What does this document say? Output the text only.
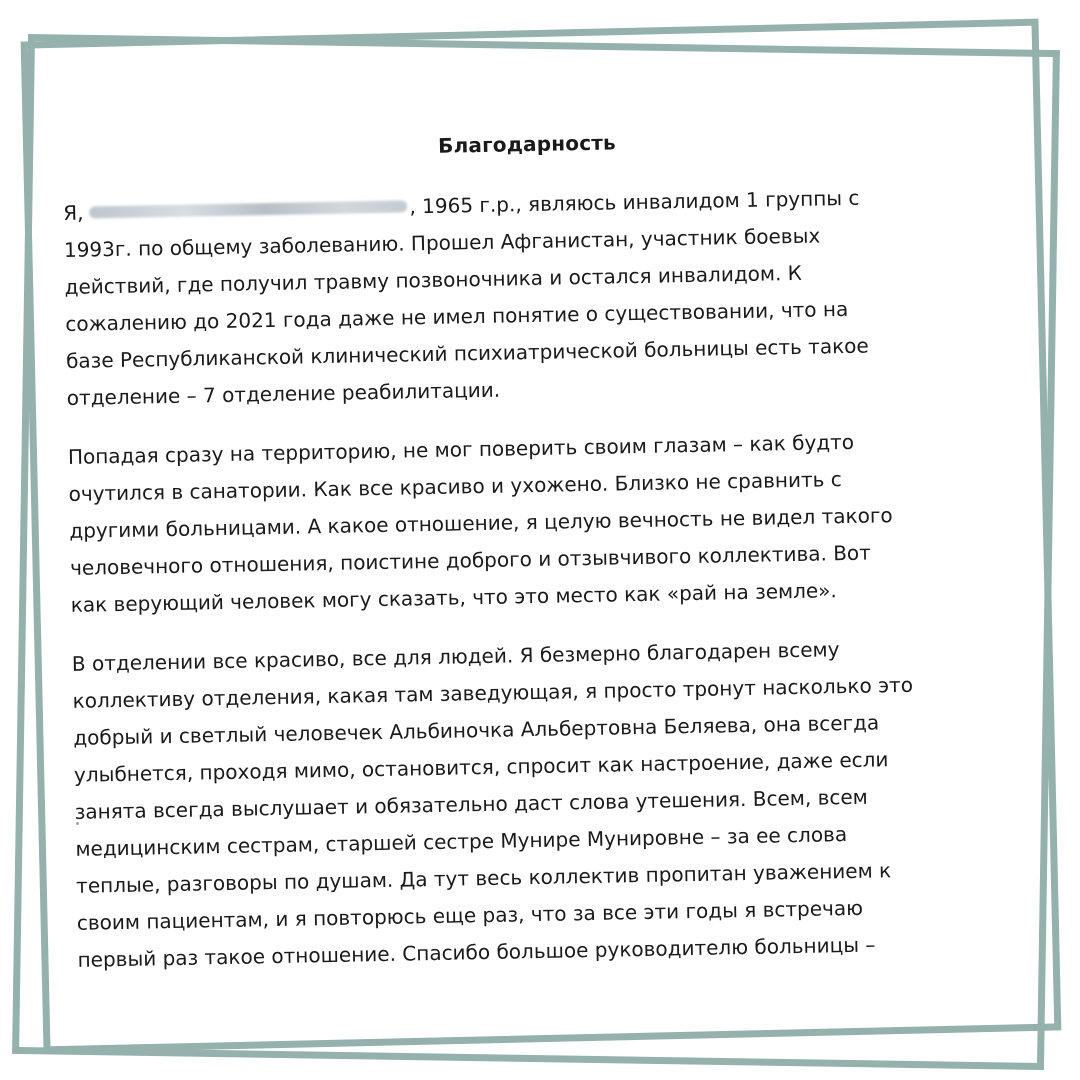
Благодарность
Я,	, 1965 г.р., являюсь инвалидом 1 группы с
1993г. по общему заболеванию. Прошел Афганистан, участник боевых
действий, где получил травму позвоночника и остался инвалидом. К
сожалению до 2021 года даже не имел понятие о существовании, что на
базе Республиканской клинический психиатрической больницы есть такое
отделение – 7 отделение реабилитации.
Попадая сразу на территорию, не мог поверить своим глазам – как будто
очутился в санатории. Как все красиво и ухожено. Близко не сравнить с
другими больницами. А какое отношение, я целую вечность не видел такого
человечного отношения, поистине доброго и отзывчивого коллектива. Вот
как верующий человек могу сказать, что это место как «рай на земле».
В отделении все красиво, все для людей. Я безмерно благодарен всему
коллективу отделения, какая там заведующая, я просто тронут насколько это
добрый и светлый человечек Альбиночка Альбертовна Беляева, она всегда
улыбнется, проходя мимо, остановится, спросит как настроение, даже если
занята всегда выслушает и обязательно даст слова утешения. Всем, всем
медицинским сестрам, старшей сестре Мунире Мунировне – за ее слова
теплые, разговоры по душам. Да тут весь коллектив пропитан уважением к
своим пациентам, и я повторюсь еще раз, что за все эти годы я встречаю
первый раз такое отношение. Спасибо большое руководителю больницы –
